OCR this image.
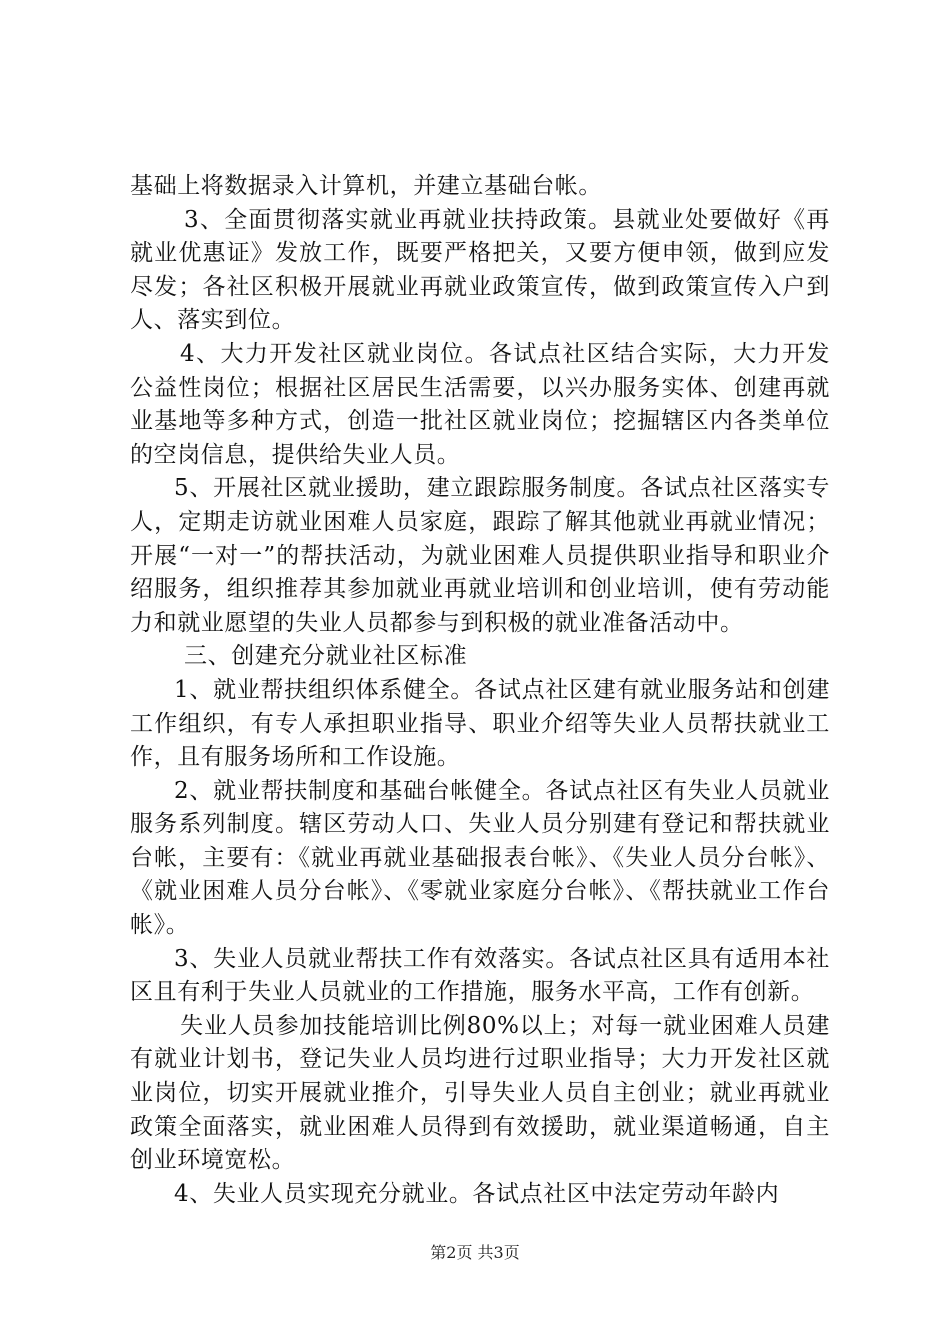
基础上将数据录入计算机，并建立基础台帐。

3、全面贯彻落实就业再就业扶持政策。县就业处要做好《再就业优惠证》发放工作，既要严格把关，又要方便申领，做到应发尽发；各社区积极开展就业再就业政策宣传，做到政策宣传入户到人、落实到位。

4、大力开发社区就业岗位。各试点社区结合实际，大力开发公益性岗位；根据社区居民生活需要，以兴办服务实体、创建再就业基地等多种方式，创造一批社区就业岗位；挖掘辖区内各类单位的空岗信息，提供给失业人员。

5、开展社区就业援助，建立跟踪服务制度。各试点社区落实专人，定期走访就业困难人员家庭，跟踪了解其他就业再就业情况；开展“一对一”的帮扶活动，为就业困难人员提供职业指导和职业介绍服务，组织推荐其参加就业再就业培训和创业培训，使有劳动能力和就业愿望的失业人员都参与到积极的就业准备活动中。

三、创建充分就业社区标准

1、就业帮扶组织体系健全。各试点社区建有就业服务站和创建工作组织，有专人承担职业指导、职业介绍等失业人员帮扶就业工作，且有服务场所和工作设施。

2、就业帮扶制度和基础台帐健全。各试点社区有失业人员就业服务系列制度。辖区劳动人口、失业人员分别建有登记和帮扶就业台帐，主要有：《就业再就业基础报表台帐》、《失业人员分台帐》、《就业困难人员分台帐》、《零就业家庭分台帐》、《帮扶就业工作台帐》。

3、失业人员就业帮扶工作有效落实。各试点社区具有适用本社区且有利于失业人员就业的工作措施，服务水平高，工作有创新。

失业人员参加技能培训比例80%以上；对每一就业困难人员建有就业计划书，登记失业人员均进行过职业指导；大力开发社区就业岗位，切实开展就业推介，引导失业人员自主创业；就业再就业政策全面落实，就业困难人员得到有效援助，就业渠道畅通，自主创业环境宽松。

4、失业人员实现充分就业。各试点社区中法定劳动年龄内

第2页 共3页
